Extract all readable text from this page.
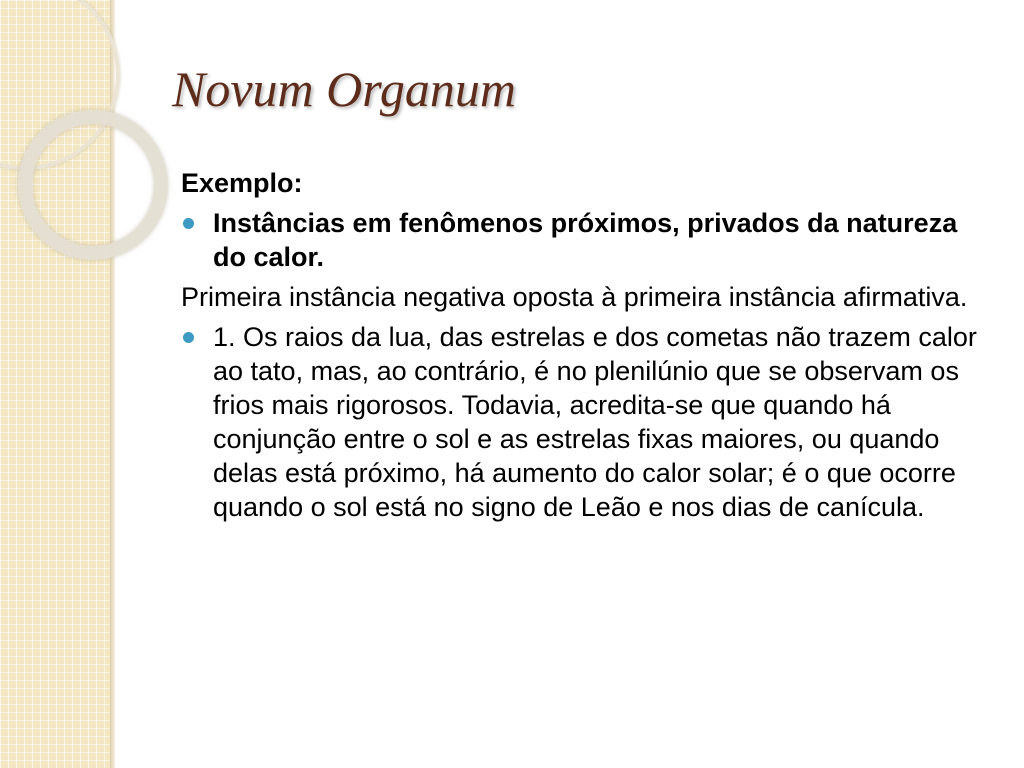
Novum Organum

Exemplo:

Instâncias em fenômenos próximos, privados da natureza do calor.

Primeira instância negativa oposta à primeira instância afirmativa.

1. Os raios da lua, das estrelas e dos cometas não trazem calor ao tato, mas, ao contrário, é no plenilúnio que se observam os frios mais rigorosos. Todavia, acredita-se que quando há conjunção entre o sol e as estrelas fixas maiores, ou quando delas está próximo, há aumento do calor solar; é o que ocorre quando o sol está no signo de Leão e nos dias de canícula.
